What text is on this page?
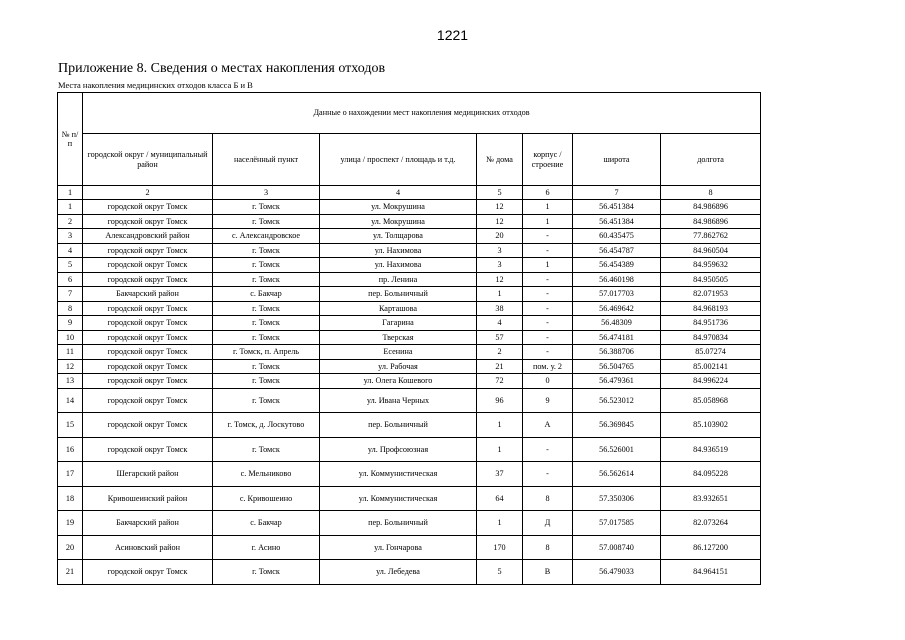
1221
Приложение 8. Сведения о местах накопления отходов
Места накопления медицинских отходов класса Б и В
№ п/п	Данные о нахождении мест накопления медицинских отходов						
	городской округ / муниципальный район	населённый пункт	улица / проспект / площадь и т.д.	№ дома	корпус / строение	широта	долгота
1	2	3	4	5	6	7	8
1	городской округ Томск	г. Томск	ул. Мокрушина	12	1	56.451384	84.986896
2	городской округ Томск	г. Томск	ул. Мокрушина	12	1	56.451384	84.986896
3	Александровский район	с. Александровское	ул. Толщарова	20	-	60.435475	77.862762
4	городской округ Томск	г. Томск	ул. Нахимова	3	-	56.454787	84.960504
5	городской округ Томск	г. Томск	ул. Нахимова	3	1	56.454389	84.959632
6	городской округ Томск	г. Томск	пр. Ленина	12	-	56.460198	84.950505
7	Бакчарский район	с. Бакчар	пер. Больничный	1	-	57.017703	82.071953
8	городской округ Томск	г. Томск	Карташова	38	-	56.469642	84.968193
9	городской округ Томск	г. Томск	Гагарина	4	-	56.48309	84.951736
10	городской округ Томск	г. Томск	Тверская	57	-	56.474181	84.970834
11	городской округ Томск	г. Томск, п. Апрель	Есенина	2	-	56.388706	85.07274
12	городской округ Томск	г. Томск	ул. Рабочая	21	пом. у. 2	56.504765	85.002141
13	городской округ Томск	г. Томск	ул. Олега Кошевого	72	0	56.479361	84.996224
14	городской округ Томск	г. Томск	ул. Ивана Черных	96	9	56.523012	85.058968
15	городской округ Томск	г. Томск, д. Лоскутово	пер. Больничный	1	А	56.369845	85.103902
16	городской округ Томск	г. Томск	ул. Профсоюзная	1	-	56.526001	84.936519
17	Шегарский район	с. Мельниково	ул. Коммунистическая	37	-	56.562614	84.095228
18	Кривошеинский район	с. Кривошеино	ул. Коммунистическая	64	8	57.350306	83.932651
19	Бакчарский район	с. Бакчар	пер. Больничный	1	Д	57.017585	82.073264
20	Асиновский район	г. Асино	ул. Гончарова	170	8	57.008740	86.127200
21	городской округ Томск	г. Томск	ул. Лебедева	5	В	56.479033	84.964151
